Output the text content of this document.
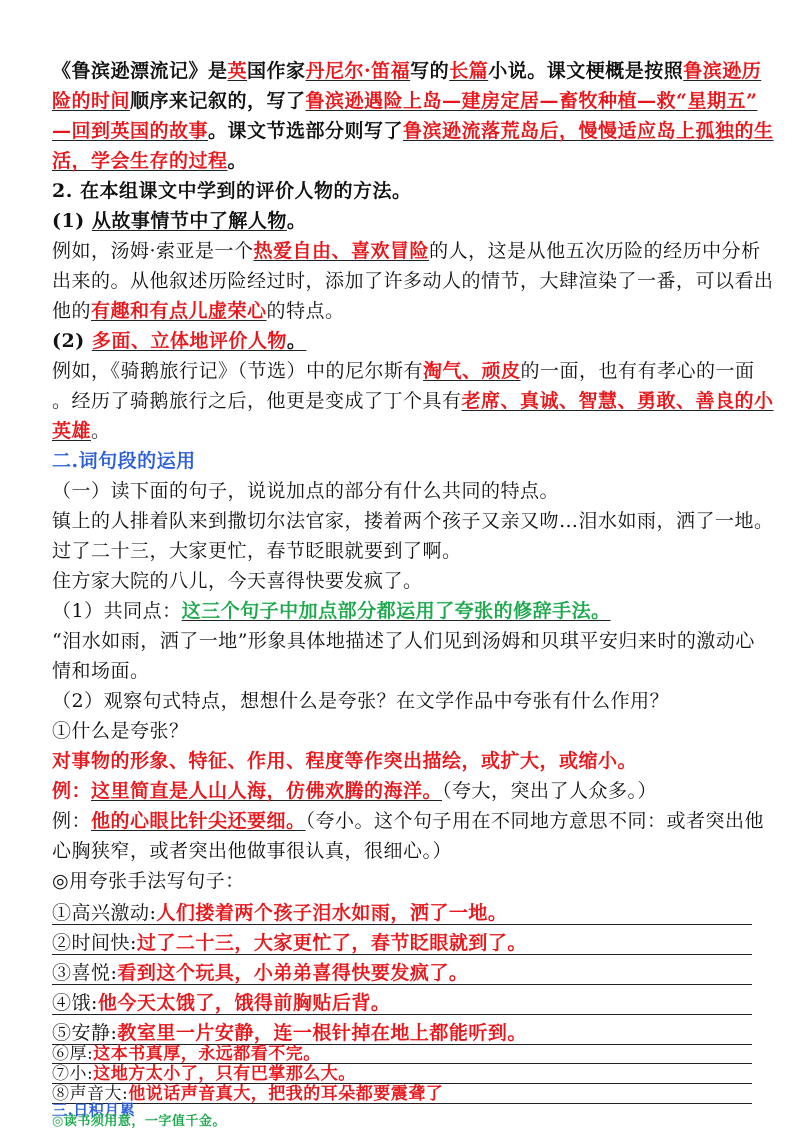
《鲁滨逊漂流记》是英国作家丹尼尔·笛福写的长篇小说。课文梗概是按照鲁滨逊历
险的时间顺序来记叙的，写了鲁滨逊遇险上岛—建房定居—畜牧种植—救“星期五”
—回到英国的故事。课文节选部分则写了鲁滨逊流落荒岛后，慢慢适应岛上孤独的生
活，学会生存的过程。
2. 在本组课文中学到的评价人物的方法。
(1) 从故事情节中了解人物。
例如，汤姆·索亚是一个热爱自由、喜欢冒险的人，这是从他五次历险的经历中分析
出来的。从他叙述历险经过时，添加了许多动人的情节，大肆渲染了一番，可以看出
他的有趣和有点儿虚荣心的特点。
(2) 多面、立体地评价人物。
例如，《骑鹅旅行记》（节选）中的尼尔斯有淘气、顽皮的一面，也有有孝心的一面
。经历了骑鹅旅行之后，他更是变成了丁个具有老席、真诚、智慧、勇敢、善良的小
英雄。
二.词句段的运用
（一）读下面的句子，说说加点的部分有什么共同的特点。
镇上的人排着队来到撒切尔法官家，搂着两个孩子又亲又吻…泪水如雨，洒了一地。
过了二十三，大家更忙，春节眨眼就要到了啊。
住方家大院的八儿，今天喜得快要发疯了。
（1）共同点：这三个句子中加点部分都运用了夸张的修辞手法。
“泪水如雨，洒了一地”形象具体地描述了人们见到汤姆和贝琪平安归来时的激动心
情和场面。
（2）观察句式特点，想想什么是夸张？在文学作品中夸张有什么作用？
①什么是夸张？
对事物的形象、特征、作用、程度等作突出描绘，或扩大，或缩小。
例：这里简直是人山人海，仿佛欢腾的海洋。（夸大，突出了人众多。）
例：他的心眼比针尖还要细。（夸小。这个句子用在不同地方意思不同：或者突出他
心胸狭窄，或者突出他做事很认真，很细心。）
◎用夸张手法写句子：
①高兴激动:人们搂着两个孩子泪水如雨，洒了一地。
②时间快:过了二十三，大家更忙了，春节眨眼就到了。
③喜悦:看到这个玩具，小弟弟喜得快要发疯了。
④饿:他今天太饿了，饿得前胸贴后背。
⑤安静:教室里一片安静，连一根针掉在地上都能听到。
⑥厚:这本书真厚，永远都看不完。
⑦小:这地方太小了，只有巴掌那么大。
⑧声音大:他说话声音真大，把我的耳朵都要震聋了
三.日积月累
◎读书须用意，一字值千金。
